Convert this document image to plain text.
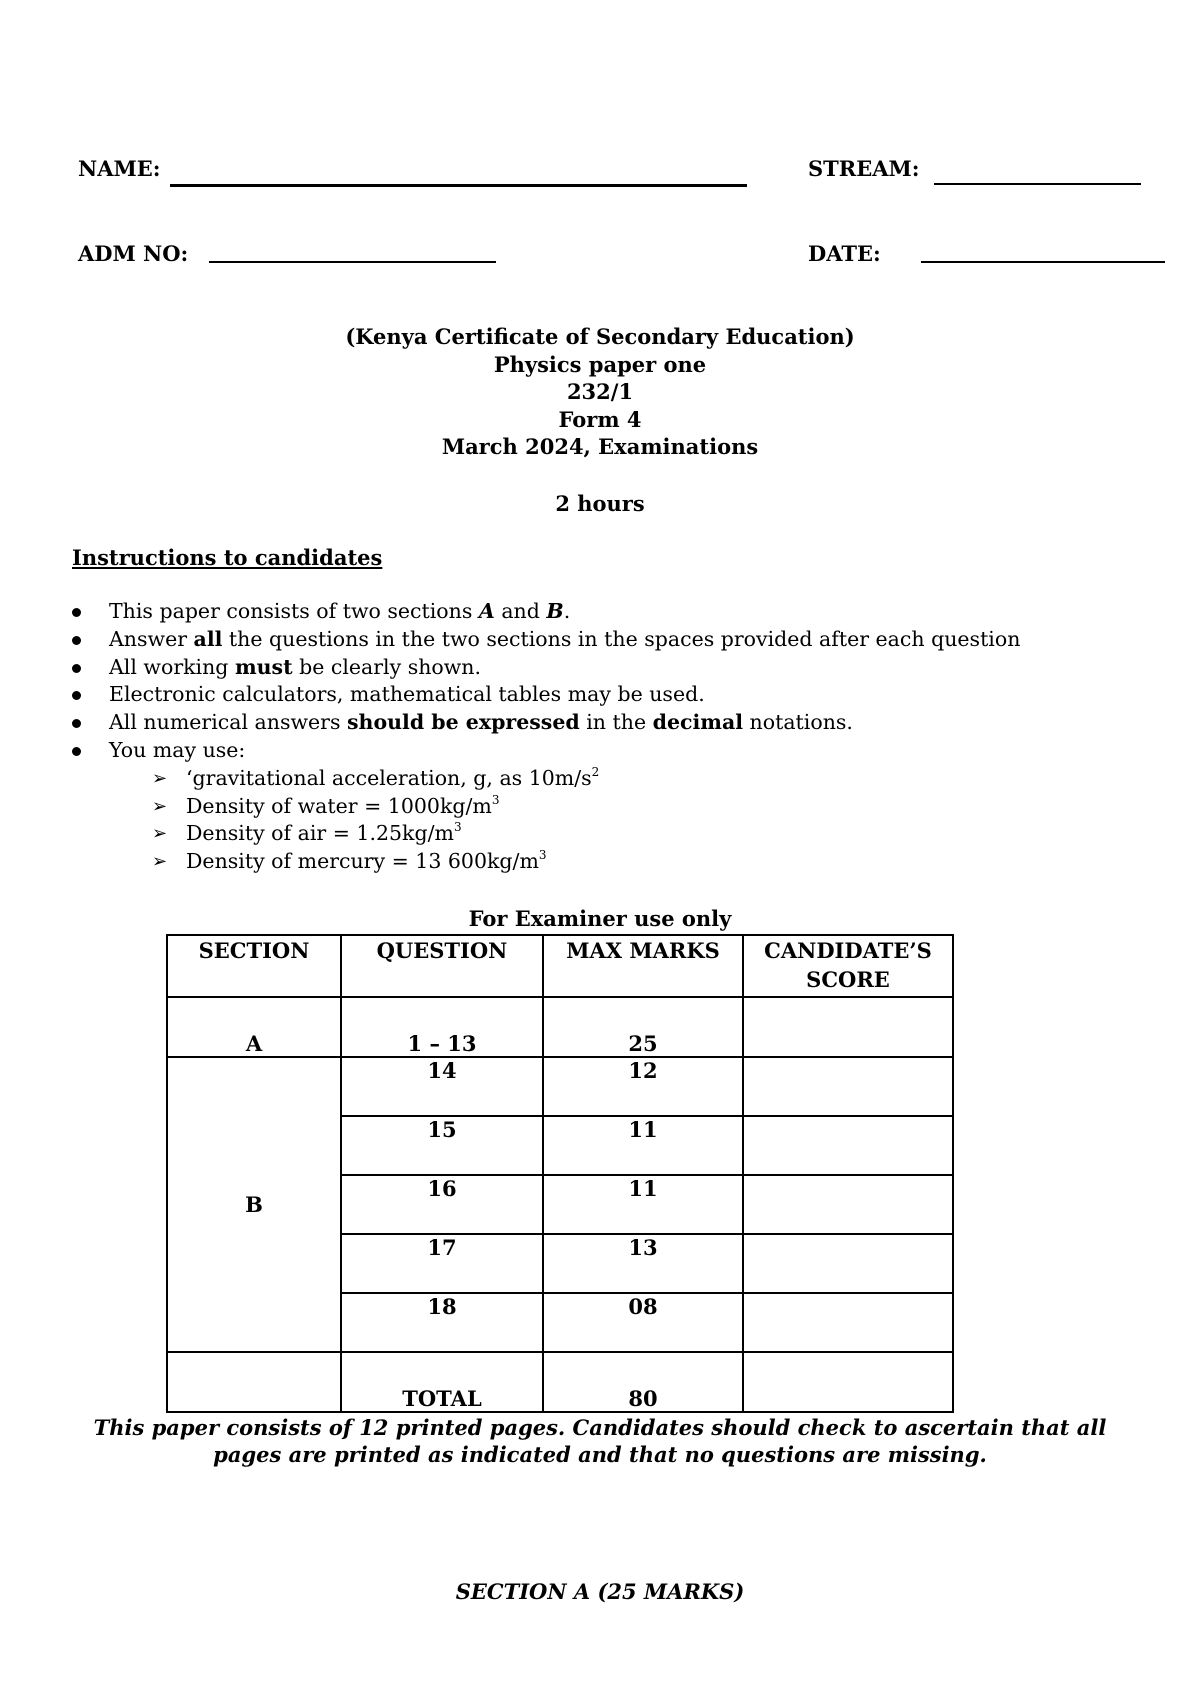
NAME:	STREAM:
ADM NO:	DATE:
(Kenya Certificate of Secondary Education)
Physics paper one
232/1
Form 4
March 2024, Examinations
2 hours
Instructions to candidates
This paper consists of two sections A and B.
Answer all the questions in the two sections in the spaces provided after each question
All working must be clearly shown.
Electronic calculators, mathematical tables may be used.
All numerical answers should be expressed in the decimal notations.
You may use:
➢ ‘gravitational acceleration, g, as $10m/s^2$
➢ Density of water = $1000kg/m^3$
➢ Density of air = $1.25kg/m^3$
➢ Density of mercury = 13 $600kg/m^3$
For Examiner use only
SECTION	QUESTION	MAX MARKS	CANDIDATE’S SCORE
A	1 – 13	25	
B	14	12	
	15	11	
	16	11	
	17	13	
	18	08	
	TOTAL	80	
This paper consists of 12 printed pages. Candidates should check to ascertain that all pages are printed as indicated and that no questions are missing.
SECTION A (25 MARKS)
